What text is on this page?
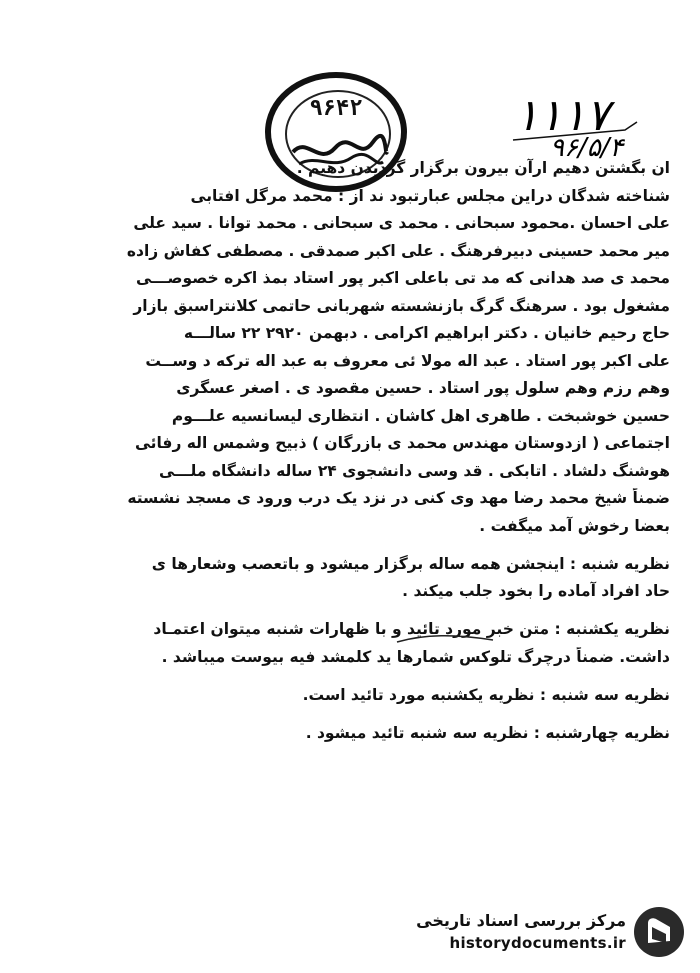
۹۶۴۲	۱۱۱۷
۹۶/۵/۴
ان بگشتن دهیم ارآن بیرون برگزار گردیدن دهیم .
شناخته شدگان دراین مجلس عبارتبود ند از : محمد مرگل افتابی
علی احسان .محمود سبحانی . محمد ی سبحانی . محمد توانا . سید علی
میر محمد حسینی دبیرفرهنگ . علی اکبر صمدقی . مصطفی کفاش زاده
محمد ی صد هدانی که مد تی باعلی اکبر پور استاد بمذ اکره خصوصـــی
مشغول بود . سرهنگ گرگ بازنشسته شهربانی حاتمی کلانتراسبق بازار
حاج رحیم خانیان . دکتر ابراهیم اکرامی . دبهمن ۲۹۲۰ ۲۲ سالـــه
علی اکبر پور استاد . عبد اله مولا ئی معروف به عبد اله ترکه د وســت
وهم رزم وهم سلول پور استاد . حسین مقصود ی . اصغر عسگری
حسین خوشبخت . طاهری اهل کاشان . انتظاری لیسانسیه علـــوم
اجتماعی ( ازدوستان مهندس محمد ی بازرگان ) ذبیح وشمس اله رفائی
هوشنگ دلشاد . اتابکی . قد وسی دانشجوی ۲۴ ساله دانشگاه ملـــی
ضمناً شیخ محمد رضا مهد وی کنی در نزد یک درب ورود ی مسجد نشسته
بعضا رخوش آمد میگفت .
نظریه شنبه : اینجشن همه ساله برگزار میشود و باتعصب وشعارها ی
حاد افراد آماده را بخود جلب میکند .
نظریه یکشنبه : متن خبر مورد تائید و با ظهارات شنبه میتوان اعتمـاد
داشت. ضمناً درچرگ تلوکس شمارها ید کلمشد فیه بیوست میباشد .
نظریه سه شنبه : نظریه یکشنبه مورد تائید است.
نظریه چهارشنبه : نظریه سه شنبه تائید میشود .
مرکز بررسی اسناد تاریخی
historydocuments.ir
